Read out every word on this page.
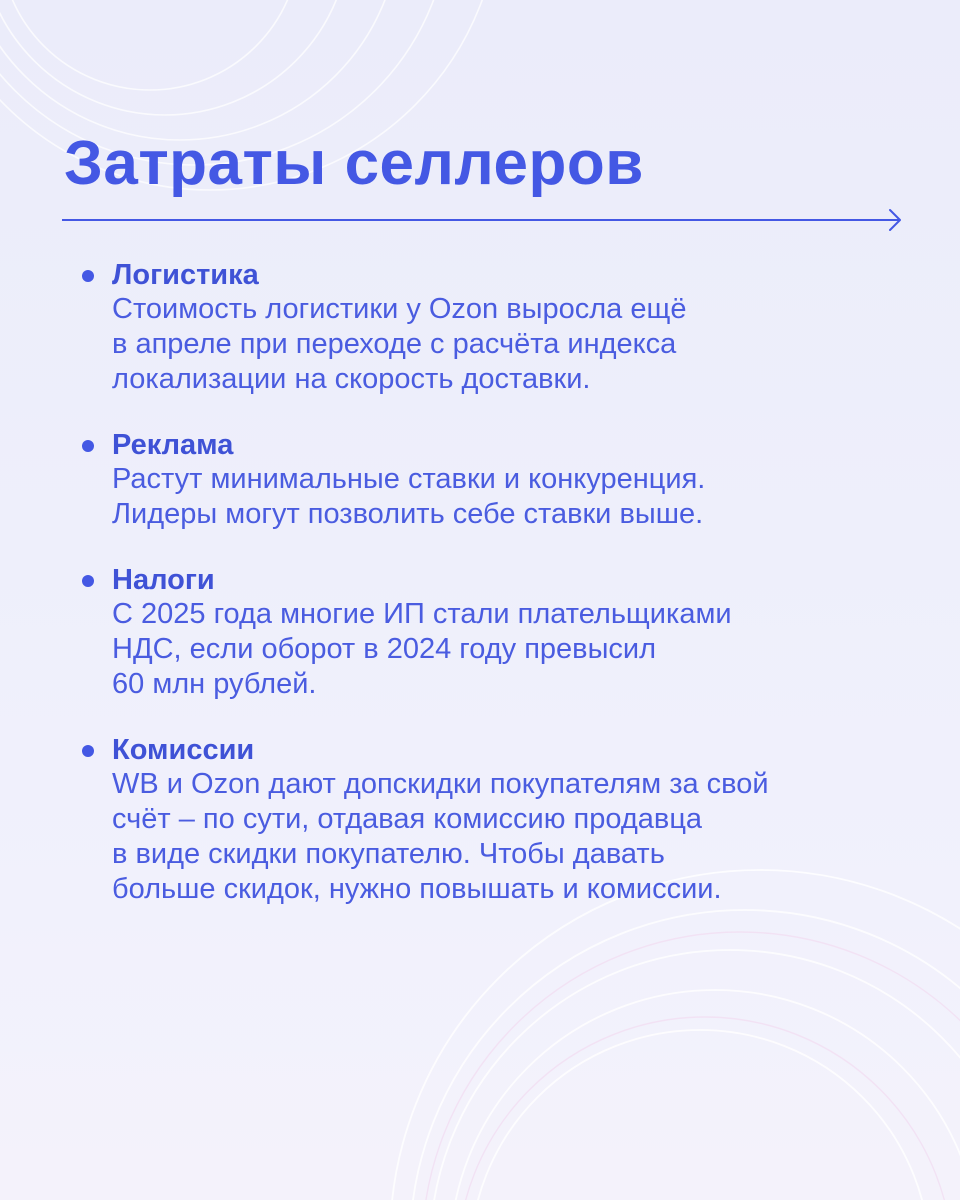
Затраты селлеров
Логистика
Стоимость логистики у Ozon выросла ещё
в апреле при переходе с расчёта индекса
локализации на скорость доставки.
Реклама
Растут минимальные ставки и конкуренция.
Лидеры могут позволить себе ставки выше.
Налоги
С 2025 года многие ИП стали плательщиками
НДС, если оборот в 2024 году превысил
60 млн рублей.
Комиссии
WB и Ozon дают допскидки покупателям за свой
счёт – по сути, отдавая комиссию продавца
в виде скидки покупателю. Чтобы давать
больше скидок, нужно повышать и комиссии.
